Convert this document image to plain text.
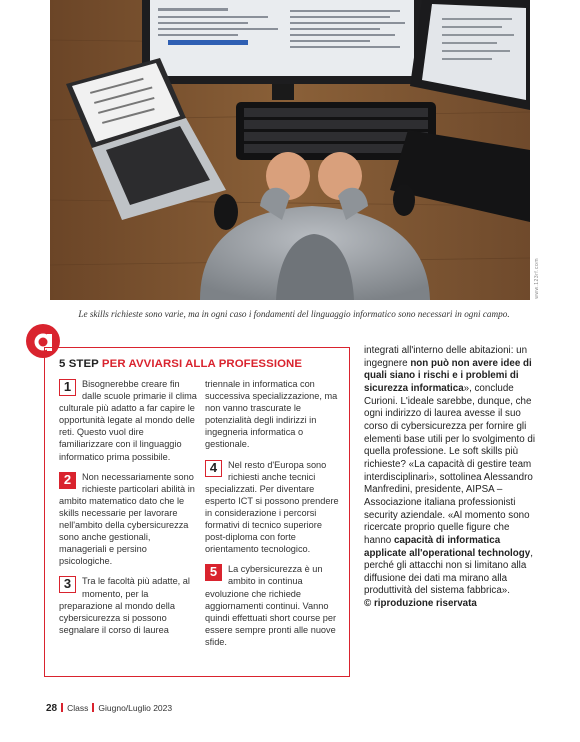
www.123rf.com
Le skills richieste sono varie, ma in ogni caso i fondamenti del linguaggio informatico sono necessari in ogni campo.
5 STEP PER AVVIARSI ALLA PROFESSIONE
1	Bisognerebbe creare fin dalle scuole primarie il clima culturale più adatto a far capire le opportunità legate al mondo delle reti. Questo vuol dire familiarizzare con il linguaggio informatico prima possibile.
2	Non necessariamente sono richieste particolari abilità in ambito matematico dato che le skills necessarie per lavorare nell'ambito della cybersicurezza sono anche gestionali, manageriali e persino psicologiche.
3	Tra le facoltà più adatte, al momento, per la preparazione al mondo della cybersicurezza si possono segnalare il corso di laurea
triennale in informatica con successiva specializzazione, ma non vanno trascurate le potenzialità degli indirizzi in ingegneria informatica o gestionale.
4	Nel resto d'Europa sono richiesti anche tecnici specializzati. Per diventare esperto ICT si possono prendere in considerazione i percorsi formativi di tecnico superiore post-diploma con forte orientamento tecnologico.
5	La cybersicurezza è un ambito in continua evoluzione che richiede aggiornamenti continui. Vanno quindi effettuati short course per essere sempre pronti alle nuove sfide.
integrati all'interno delle abitazioni: un ingegnere non può non avere idee di quali siano i rischi e i problemi di sicurezza informatica», conclude Curioni. L'ideale sarebbe, dunque, che ogni indirizzo di laurea avesse il suo corso di cybersicurezza per fornire gli elementi base utili per lo svolgimento di quella professione. Le soft skills più richieste? «La capacità di gestire team interdisciplinari», sottolinea Alessandro Manfredini, presidente, AIPSA – Associazione italiana professionisti security aziendale. «Al momento sono ricercate proprio quelle figure che hanno capacità di informatica applicate all'operational technology, perché gli attacchi non si limitano alla diffusione dei dati ma mirano alla produttività del sistema fabbrica».
© riproduzione riservata
28 Class Giugno/Luglio 2023
